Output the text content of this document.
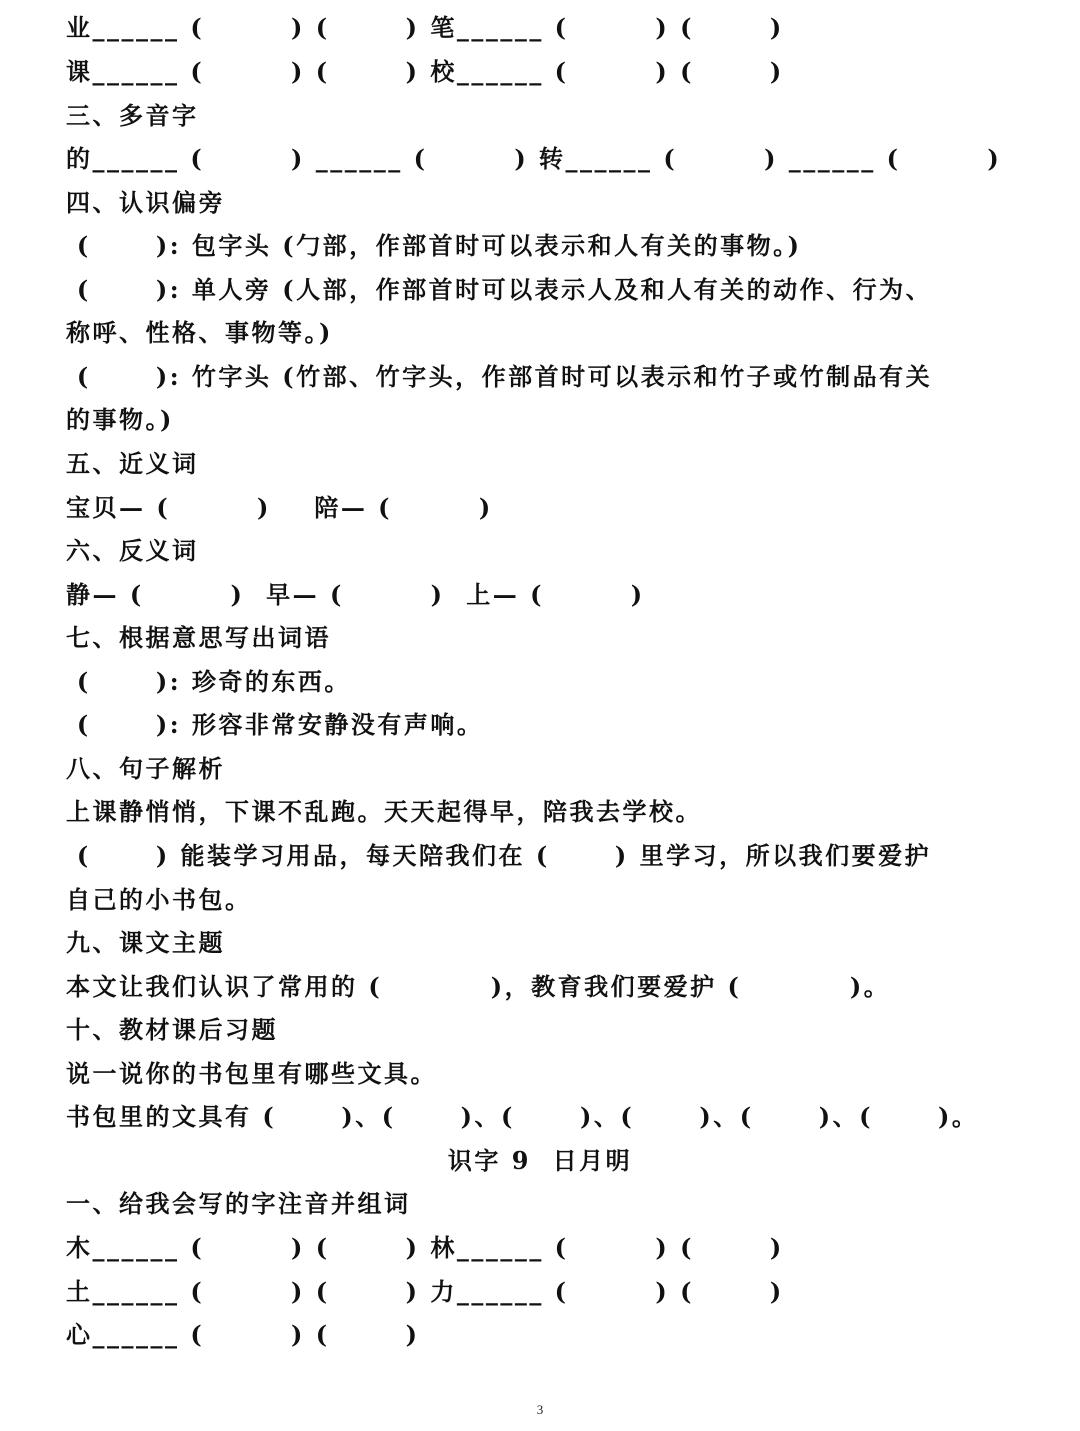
业______ (        ) (       ) 笔______ (        ) (       )
课______ (        ) (       ) 校______ (        ) (       )
三、多音字
的______ (        ) ______ (        ) 转______ (        ) ______ (        )
四、认识偏旁
(      ): 包字头 (勹部，作部首时可以表示和人有关的事物。)
(      ): 单人旁 (人部，作部首时可以表示人及和人有关的动作、行为、
称呼、性格、事物等。)
(      ): 竹字头 (竹部、竹字头，作部首时可以表示和竹子或竹制品有关
的事物。)
五、近义词
宝贝— (        )    陪— (        )
六、反义词
静— (        )  早— (        )  上— (        )
七、根据意思写出词语
(      ): 珍奇的东西。
(      ): 形容非常安静没有声响。
八、句子解析
上课静悄悄，下课不乱跑。天天起得早，陪我去学校。
(      ) 能装学习用品，每天陪我们在 (      ) 里学习，所以我们要爱护
自己的小书包。
九、课文主题
本文让我们认识了常用的 (          )，教育我们要爱护 (          )。
十、教材课后习题
说一说你的书包里有哪些文具。
书包里的文具有 (      )、(      )、(      )、(      )、(      )、(      )。
识字 9  日月明
一、给我会写的字注音并组词
木______ (        ) (       ) 林______ (        ) (       )
土______ (        ) (       ) 力______ (        ) (       )
心______ (        ) (       )
3
